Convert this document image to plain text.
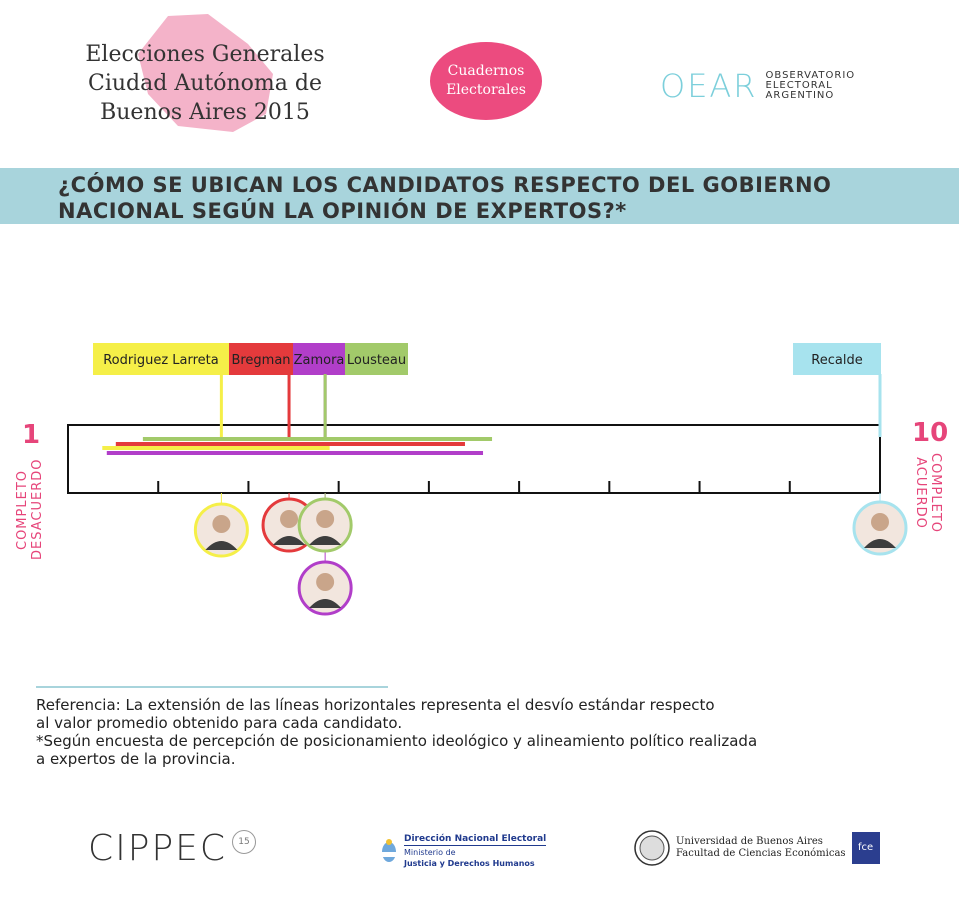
Elecciones Generales
Ciudad Autónoma de
Buenos Aires 2015
Cuadernos
Electorales	OEAR OBSERVATORIO
ELECTORAL
ARGENTINO
¿CÓMO SE UBICAN LOS CANDIDATOS RESPECTO DEL GOBIERNO
NACIONAL SEGÚN LA OPINIÓN DE EXPERTOS?*
1	10
COMPLETO DESACUERDO	COMPLETO
ACUERDO
Rodriguez Larreta Bregman Zamora Lousteau	Recalde

Referencia: La extensión de las líneas horizontales representa el desvío estándar respecto

al valor promedio obtenido para cada candidato.

*Según encuesta de percepción de posicionamiento ideológico y alineamiento político realizada

a expertos de la provincia.

CIPPEC	15	Dirección Nacional Electoral
Ministerio de
Justicia y Derechos Humanos
Universidad de Buenos Aires
Facultad de Ciencias Económicas
fce
